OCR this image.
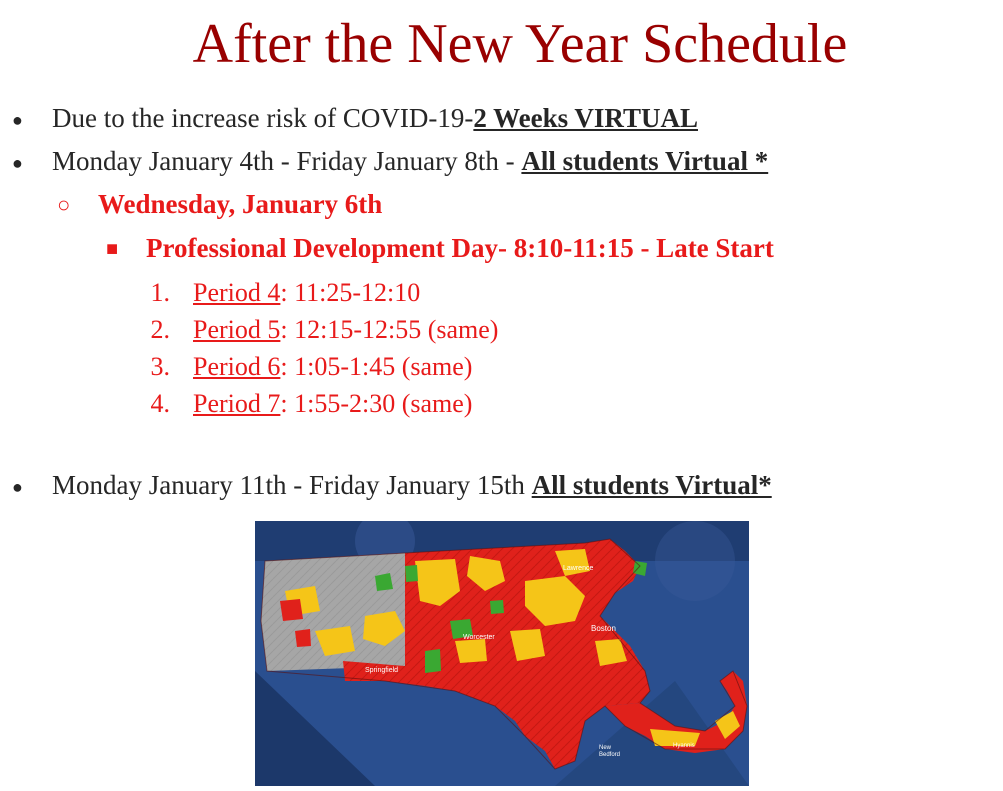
After the New Year Schedule
● Due to the increase risk of COVID-19-2 Weeks VIRTUAL
● Monday January 4th - Friday January 8th - All students Virtual *
○ Wednesday, January 6th
■ Professional Development Day- 8:10-11:15 - Late Start
1. Period 4: 11:25-12:10
2. Period 5: 12:15-12:55 (same)
3. Period 6: 1:05-1:45 (same)
4. Period 7: 1:55-2:30 (same)
● Monday January 11th - Friday January 15th All students Virtual*
Lawrence
Boston
Worcester
Springfield
New Bedford
Hyannis
